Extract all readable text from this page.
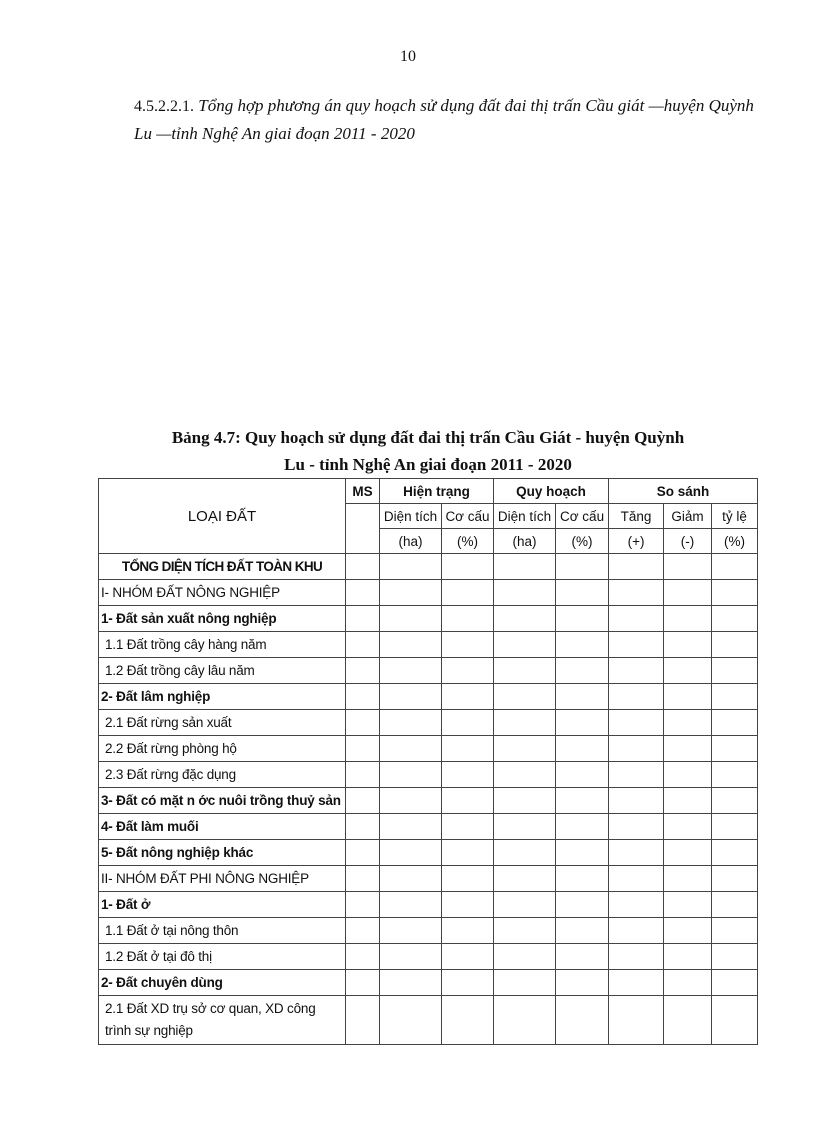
10
4.5.2.2.1. Tổng hợp phương án quy hoạch sử dụng đất đai thị trấn Cầu giát —huyện Quỳnh Lu —tỉnh Nghệ An giai đoạn 2011 - 2020
Bảng 4.7: Quy hoạch sử dụng đất đai thị trấn Cầu Giát - huyện Quỳnh
Lu - tỉnh Nghệ An giai đoạn 2011 - 2020
LOẠI ĐẤT	MS	Hiện trạng		Quy hoạch		So sánh		
		Diện tích	Cơ cấu	Diện tích	Cơ cấu	Tăng	Giảm	tỷ lệ
		(ha)	(%)	(ha)	(%)	(+)	(-)	(%)
TỔNG DIỆN TÍCH ĐẤT TOÀN KHU								
I- NHÓM ĐẤT NÔNG NGHIỆP								
1- Đất sản xuất nông nghiệp								
1.1 Đất trồng cây hàng năm								
1.2 Đất trồng cây lâu năm								
2- Đất lâm nghiệp								
2.1 Đất rừng sản xuất								
2.2 Đất rừng phòng hộ								
2.3 Đất rừng đặc dụng								
3- Đất có mặt n ớc nuôi trồng thuỷ sản								
4- Đất làm muối								
5- Đất nông nghiệp khác								
II- NHÓM ĐẤT PHI NÔNG NGHIỆP								
1- Đất ở								
1.1 Đất ở tại nông thôn								
1.2 Đất ở tại đô thị								
2- Đất chuyên dùng								
2.1 Đất XD trụ sở cơ quan, XD công trình sự nghiệp								
